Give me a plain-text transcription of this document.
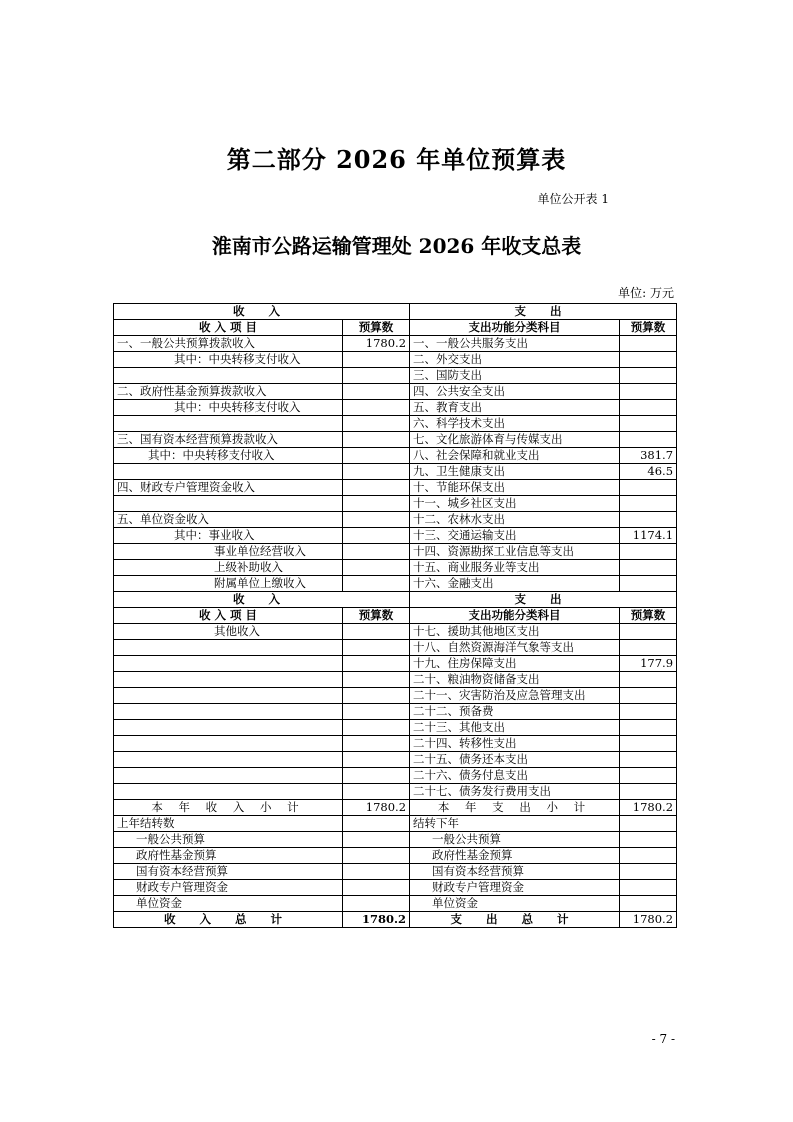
第二部分 2026 年单位预算表
单位公开表 1
淮南市公路运输管理处 2026 年收支总表
单位: 万元
收 入		支 出	
收 入 项 目	预算数	支出功能分类科目	预算数
一、一般公共预算拨款收入	1780.2	一、一般公共服务支出	
其中：中央转移支付收入		二、外交支出	
		三、国防支出	
二、政府性基金预算拨款收入		四、公共安全支出	
其中：中央转移支付收入		五、教育支出	
		六、科学技术支出	
三、国有资本经营预算拨款收入		七、文化旅游体育与传媒支出	
其中：中央转移支付收入		八、社会保障和就业支出	381.7
		九、卫生健康支出	46.5
四、财政专户管理资金收入		十、节能环保支出	
		十一、城乡社区支出	
五、单位资金收入		十二、农林水支出	
其中：事业收入		十三、交通运输支出	1174.1
事业单位经营收入		十四、资源勘探工业信息等支出	
上级补助收入		十五、商业服务业等支出	
附属单位上缴收入		十六、金融支出	
收 入		支 出	
收 入 项 目	预算数	支出功能分类科目	预算数
其他收入		十七、援助其他地区支出	
		十八、自然资源海洋气象等支出	
		十九、住房保障支出	177.9
		二十、粮油物资储备支出	
		二十一、灾害防治及应急管理支出	
		二十二、预备费	
		二十三、其他支出	
		二十四、转移性支出	
		二十五、债务还本支出	
		二十六、债务付息支出	
		二十七、债务发行费用支出	
本 年 收 入 小 计	1780.2	本 年 支 出 小 计	1780.2
上年结转数		结转下年	
一般公共预算		一般公共预算	
政府性基金预算		政府性基金预算	
国有资本经营预算		国有资本经营预算	
财政专户管理资金		财政专户管理资金	
单位资金		单位资金	
收 入 总 计	1780.2	支 出 总 计	1780.2
- 7 -
